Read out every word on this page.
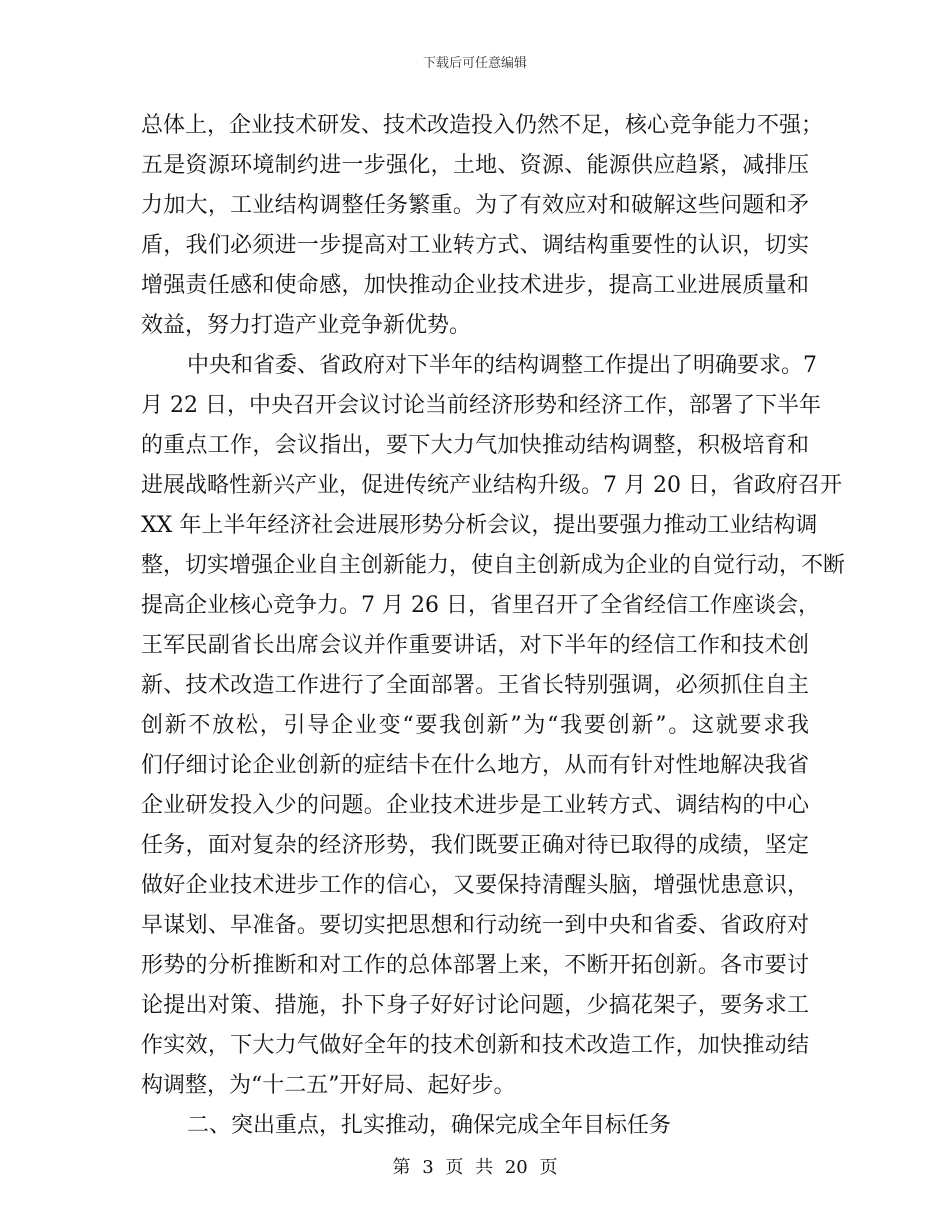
下载后可任意编辑
总体上，企业技术研发、技术改造投入仍然不足，核心竞争能力不强；
五是资源环境制约进一步强化，土地、资源、能源供应趋紧，减排压
力加大，工业结构调整任务繁重。为了有效应对和破解这些问题和矛
盾，我们必须进一步提高对工业转方式、调结构重要性的认识，切实
增强责任感和使命感，加快推动企业技术进步，提高工业进展质量和
效益，努力打造产业竞争新优势。
中央和省委、省政府对下半年的结构调整工作提出了明确要求。7
月 22 日，中央召开会议讨论当前经济形势和经济工作，部署了下半年
的重点工作，会议指出，要下大力气加快推动结构调整，积极培育和
进展战略性新兴产业，促进传统产业结构升级。7 月 20 日，省政府召开
XX 年上半年经济社会进展形势分析会议，提出要强力推动工业结构调
整，切实增强企业自主创新能力，使自主创新成为企业的自觉行动，不断
提高企业核心竞争力。7 月 26 日，省里召开了全省经信工作座谈会，
王军民副省长出席会议并作重要讲话，对下半年的经信工作和技术创
新、技术改造工作进行了全面部署。王省长特别强调，必须抓住自主
创新不放松，引导企业变“要我创新”为“我要创新”。这就要求我
们仔细讨论企业创新的症结卡在什么地方，从而有针对性地解决我省
企业研发投入少的问题。企业技术进步是工业转方式、调结构的中心
任务，面对复杂的经济形势，我们既要正确对待已取得的成绩，坚定
做好企业技术进步工作的信心，又要保持清醒头脑，增强忧患意识，
早谋划、早准备。要切实把思想和行动统一到中央和省委、省政府对
形势的分析推断和对工作的总体部署上来，不断开拓创新。各市要讨
论提出对策、措施，扑下身子好好讨论问题，少搞花架子，要务求工
作实效，下大力气做好全年的技术创新和技术改造工作，加快推动结
构调整，为“十二五”开好局、起好步。
二、突出重点，扎实推动，确保完成全年目标任务
第 3 页 共 20 页
